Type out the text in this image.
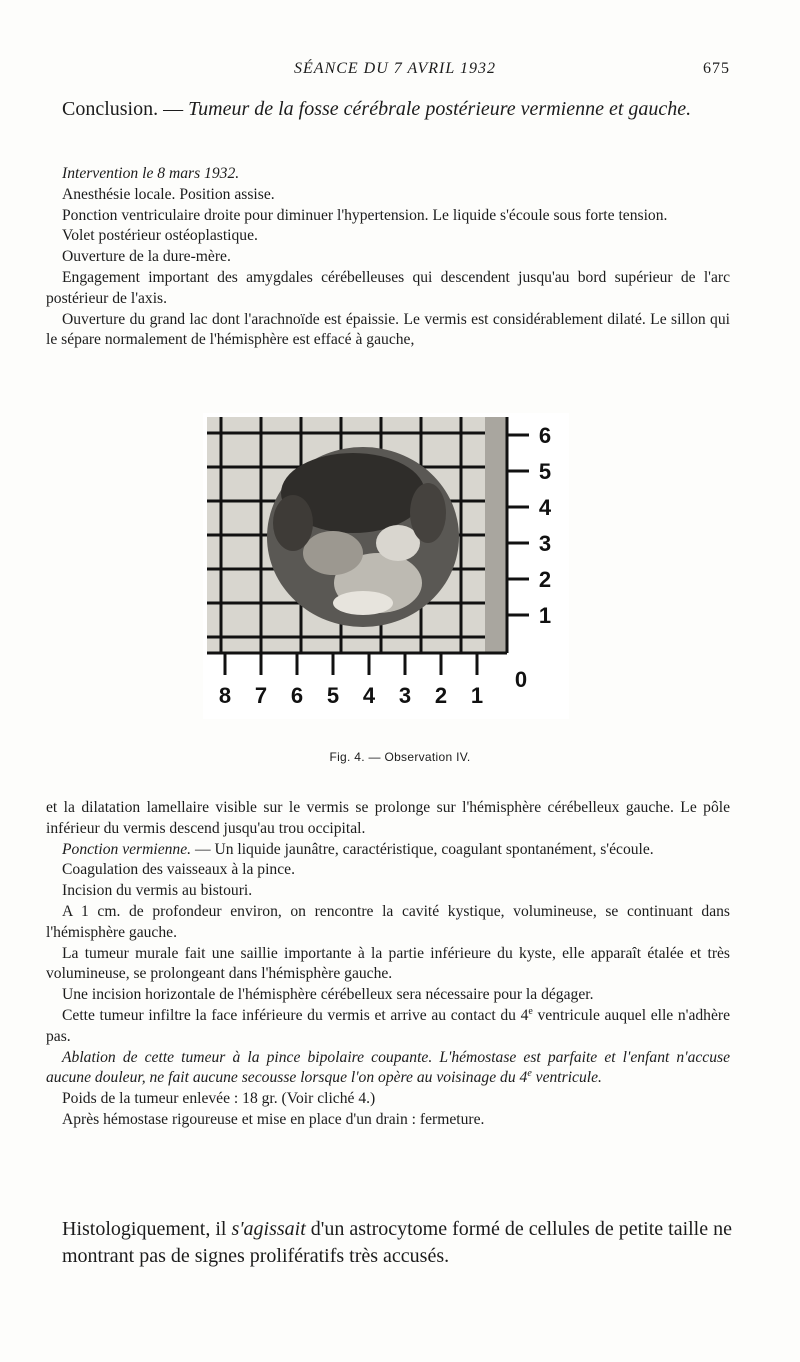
SÉANCE DU 7 AVRIL 1932	675
Conclusion. — Tumeur de la fosse cérébrale postérieure vermienne et gauche.

Intervention le 8 mars 1932.

Anesthésie locale. Position assise.

Ponction ventriculaire droite pour diminuer l'hypertension. Le liquide s'écoule sous forte tension.

Volet postérieur ostéoplastique.

Ouverture de la dure-mère.

Engagement important des amygdales cérébelleuses qui descendent jusqu'au bord supérieur de l'arc postérieur de l'axis.

Ouverture du grand lac dont l'arachnoïde est épaissie. Le vermis est considérablement dilaté. Le sillon qui le sépare normalement de l'hémisphère est effacé à gauche,

6
5
4
3
2
1
8 7 6 5 4 3 2 1
0
Fig. 4. — Observation IV.

et la dilatation lamellaire visible sur le vermis se prolonge sur l'hémisphère cérébelleux gauche. Le pôle inférieur du vermis descend jusqu'au trou occipital.

Ponction vermienne. — Un liquide jaunâtre, caractéristique, coagulant spontanément, s'écoule.

Coagulation des vaisseaux à la pince.

Incision du vermis au bistouri.

A 1 cm. de profondeur environ, on rencontre la cavité kystique, volumineuse, se continuant dans l'hémisphère gauche.

La tumeur murale fait une saillie importante à la partie inférieure du kyste, elle apparaît étalée et très volumineuse, se prolongeant dans l'hémisphère gauche.

Une incision horizontale de l'hémisphère cérébelleux sera nécessaire pour la dégager.

Cette tumeur infiltre la face inférieure du vermis et arrive au contact du 4e ventricule auquel elle n'adhère pas.

Ablation de cette tumeur à la pince bipolaire coupante. L'hémostase est parfaite et l'enfant n'accuse aucune douleur, ne fait aucune secousse lorsque l'on opère au voisinage du 4e ventricule.

Poids de la tumeur enlevée : 18 gr. (Voir cliché 4.)

Après hémostase rigoureuse et mise en place d'un drain : fermeture.

Histologiquement, il s'agissait d'un astrocytome formé de cellules de petite taille ne montrant pas de signes prolifératifs très accusés.
